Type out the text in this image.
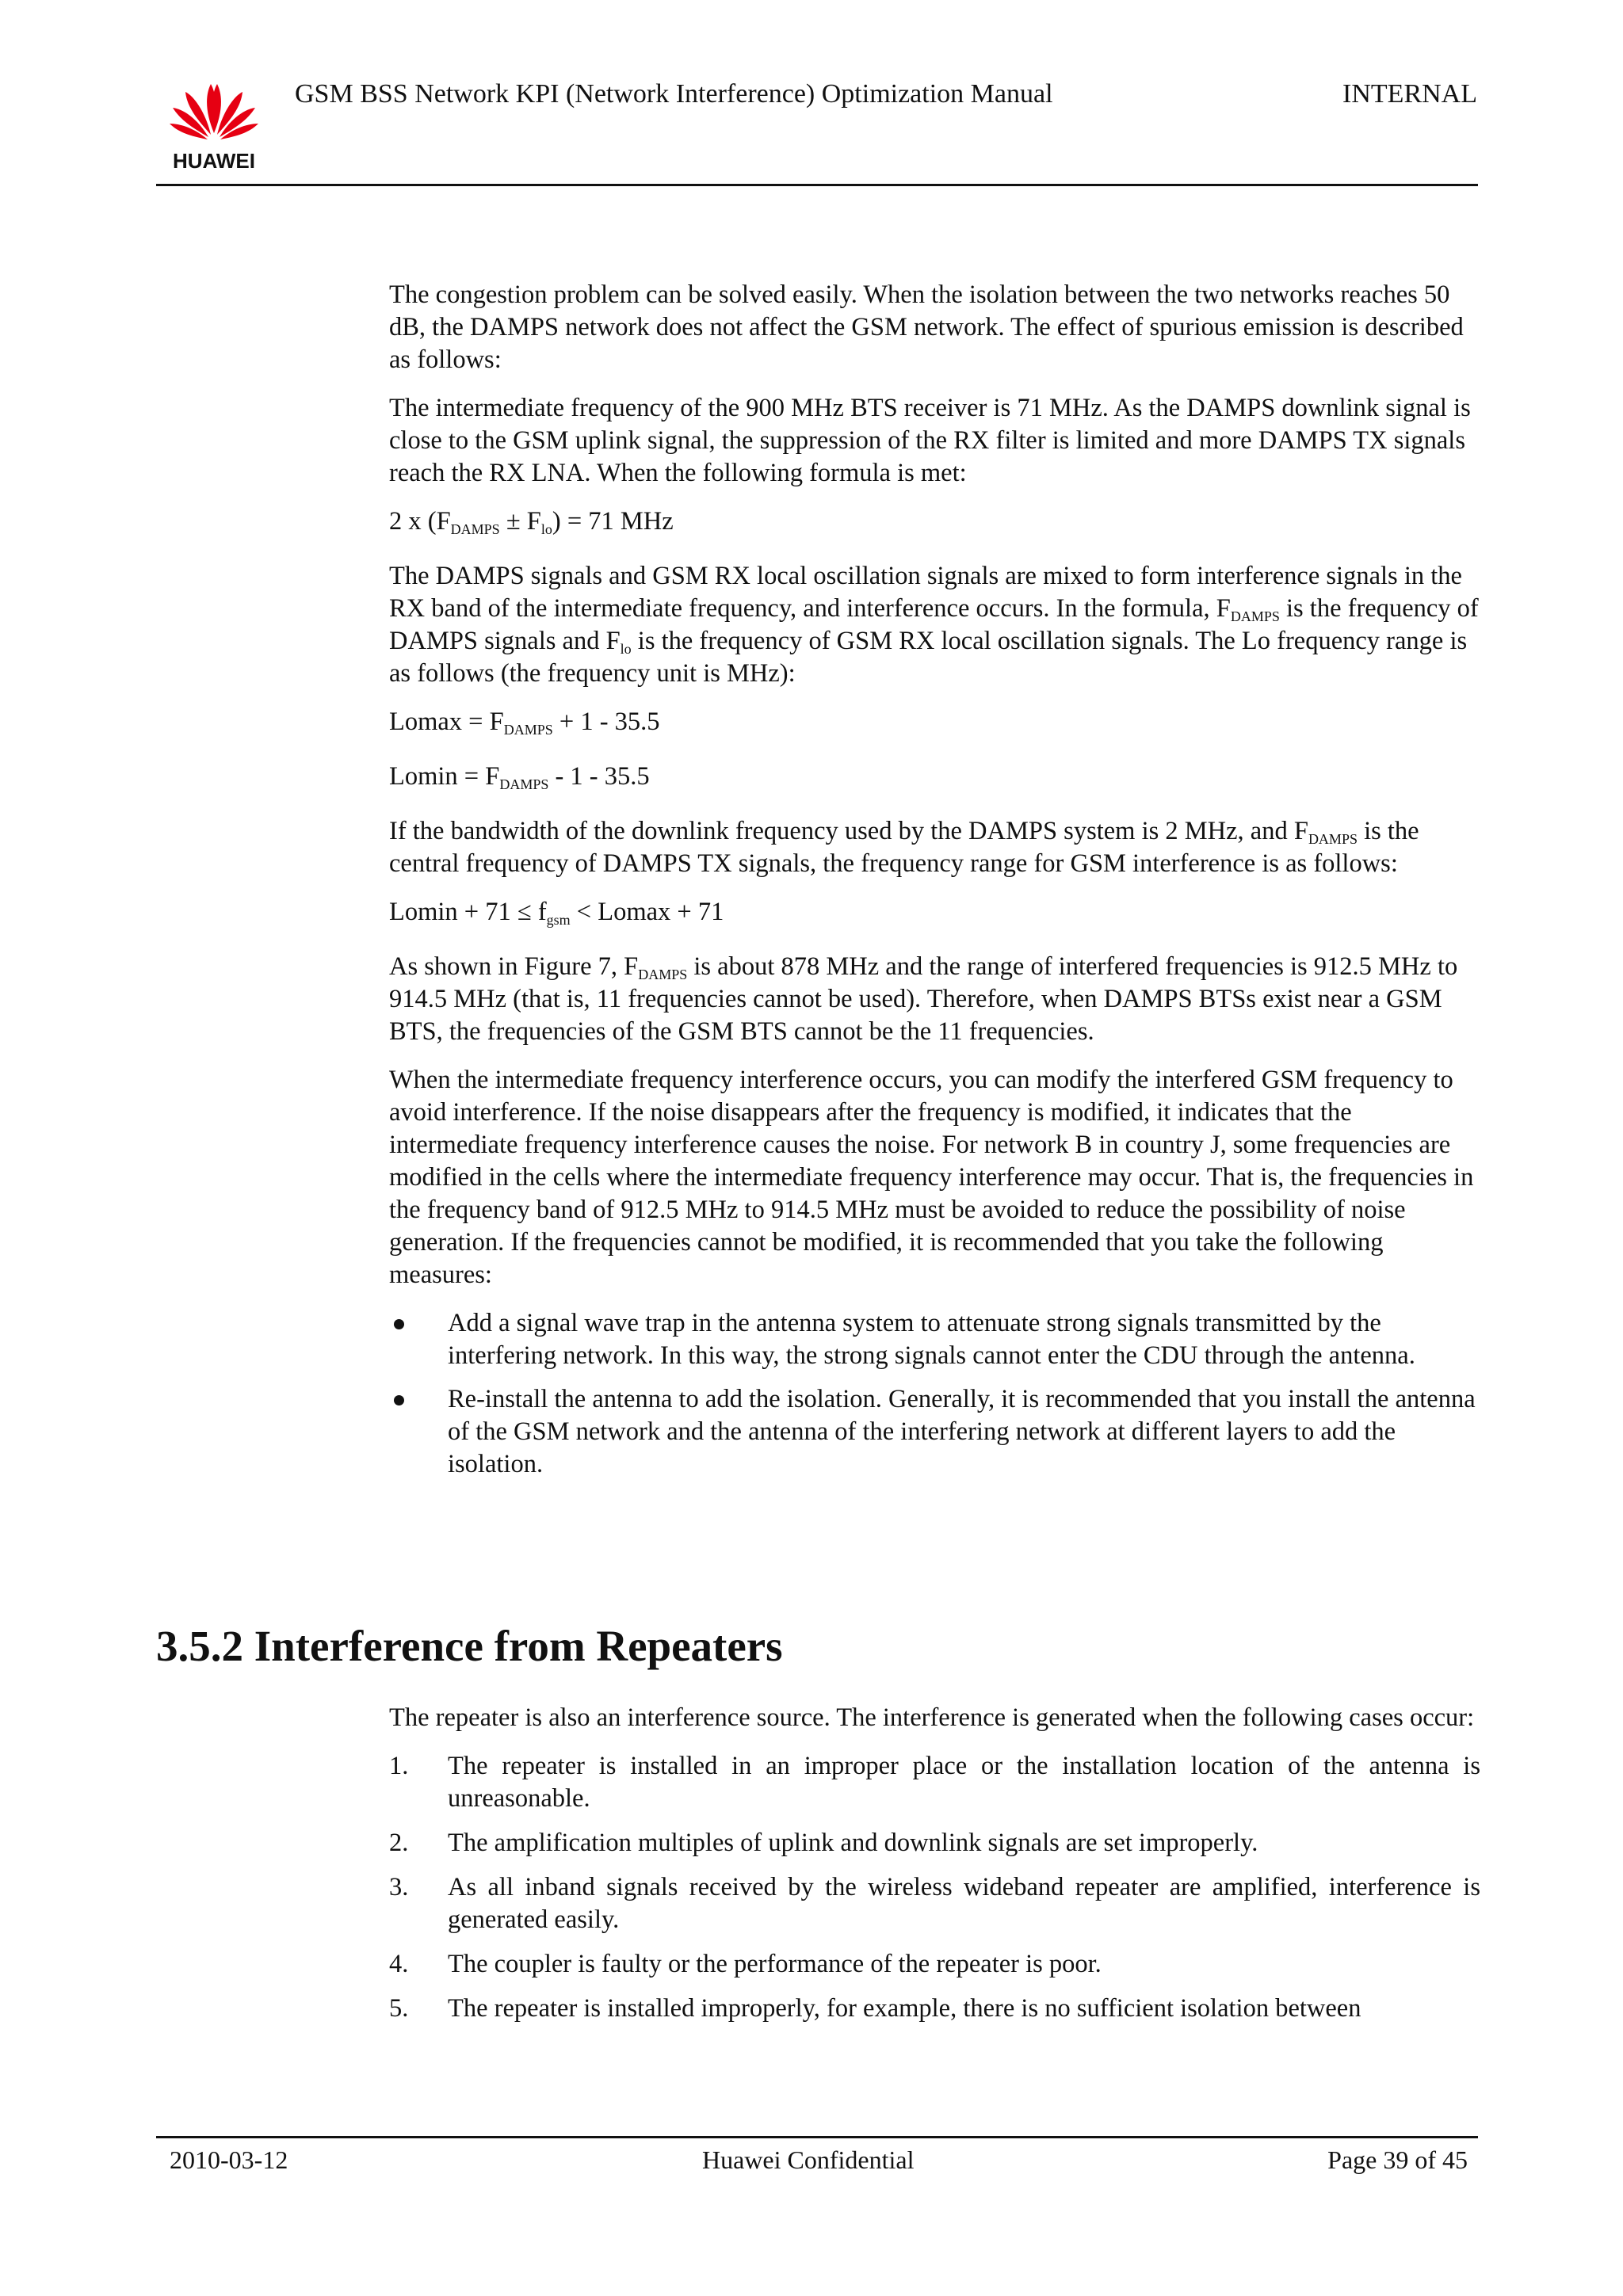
HUAWEI
GSM BSS Network KPI (Network Interference) Optimization Manual	INTERNAL

The congestion problem can be solved easily. When the isolation between the two networks reaches 50 dB, the DAMPS network does not affect the GSM network. The effect of spurious emission is described as follows:

The intermediate frequency of the 900 MHz BTS receiver is 71 MHz. As the DAMPS downlink signal is close to the GSM uplink signal, the suppression of the RX filter is limited and more DAMPS TX signals reach the RX LNA. When the following formula is met:

2 x $(F_{DAMPS} \pm F_{lo}) = 71$ MHz

The DAMPS signals and GSM RX local oscillation signals are mixed to form interference signals in the RX band of the intermediate frequency, and interference occurs. In the formula, $F_{DAMPS}$ is the frequency of DAMPS signals and $F_{lo}$ is the frequency of GSM RX local oscillation signals. The Lo frequency range is as follows (the frequency unit is MHz):

$Lomax = F_{DAMPS} + 1 - 35.5$

$Lomin = F_{DAMPS} - 1 - 35.5$

If the bandwidth of the downlink frequency used by the DAMPS system is 2 MHz, and $F_{DAMPS}$ is the central frequency of DAMPS TX signals, the frequency range for GSM interference is as follows:

$Lomin + 71 \le f_{gsm} < Lomax + 71$

As shown in Figure 7, $F_{DAMPS}$ is about 878 MHz and the range of interfered frequencies is 912.5 MHz to 914.5 MHz (that is, 11 frequencies cannot be used). Therefore, when DAMPS BTSs exist near a GSM BTS, the frequencies of the GSM BTS cannot be the 11 frequencies.

When the intermediate frequency interference occurs, you can modify the interfered GSM frequency to avoid interference. If the noise disappears after the frequency is modified, it indicates that the intermediate frequency interference causes the noise. For network B in country J, some frequencies are modified in the cells where the intermediate frequency interference may occur. That is, the frequencies in the frequency band of 912.5 MHz to 914.5 MHz must be avoided to reduce the possibility of noise generation. If the frequencies cannot be modified, it is recommended that you take the following measures:

Add a signal wave trap in the antenna system to attenuate strong signals transmitted by the interfering network. In this way, the strong signals cannot enter the CDU through the antenna.
Re-install the antenna to add the isolation. Generally, it is recommended that you install the antenna of the GSM network and the antenna of the interfering network at different layers to add the isolation.
3.5.2 Interference from Repeaters

The repeater is also an interference source. The interference is generated when the following cases occur:

1. The repeater is installed in an improper place or the installation location of the antenna is unreasonable.
2. The amplification multiples of uplink and downlink signals are set improperly.
3. As all inband signals received by the wireless wideband repeater are amplified, interference is generated easily.
4. The coupler is faulty or the performance of the repeater is poor.
5. The repeater is installed improperly, for example, there is no sufficient isolation between
2010-03-12	Huawei Confidential	Page 39 of 45
